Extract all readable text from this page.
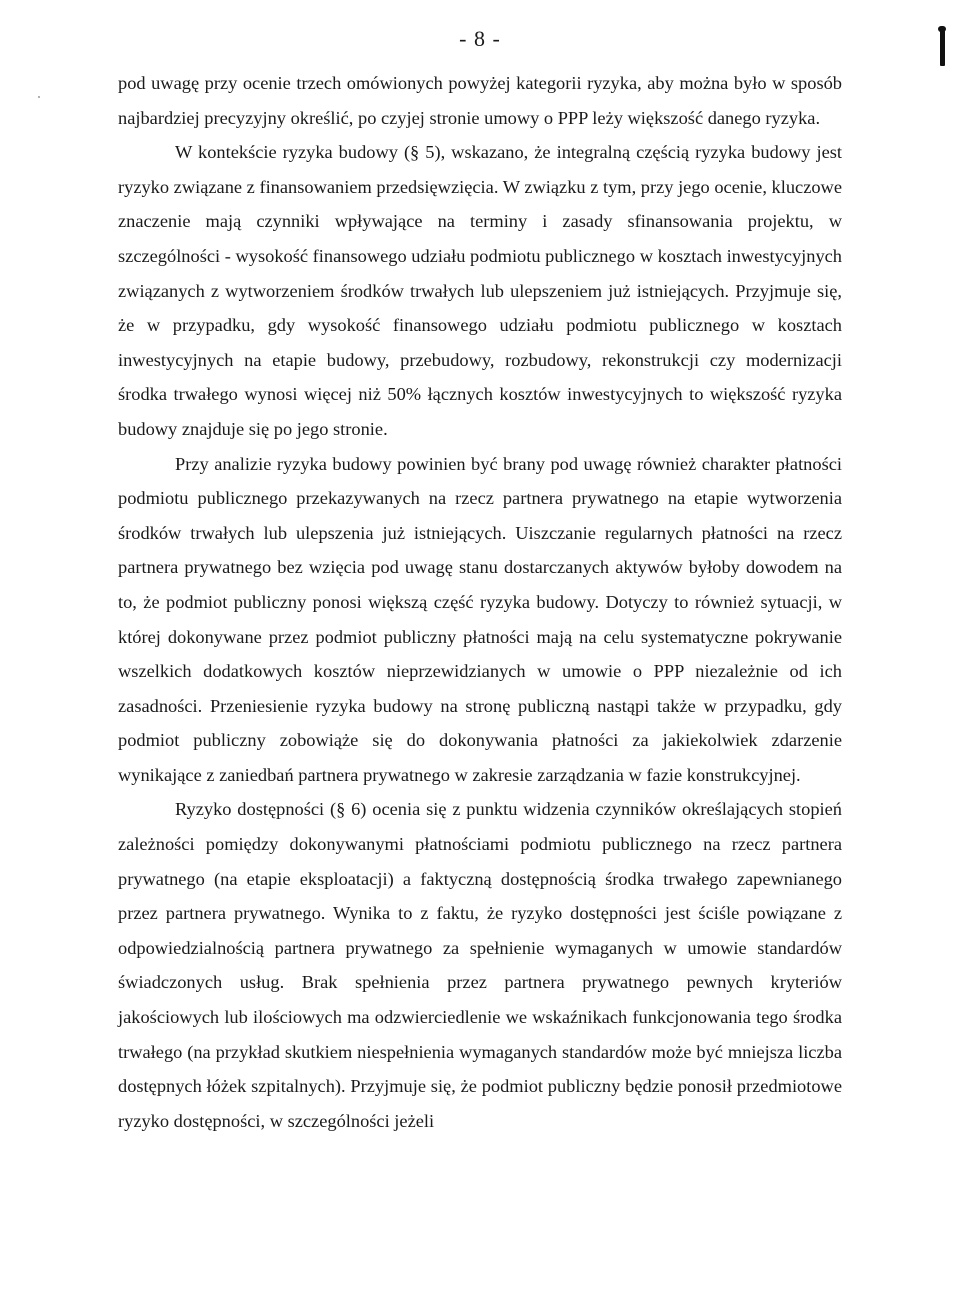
- 8 -

pod uwagę przy ocenie trzech omówionych powyżej kategorii ryzyka, aby można było w sposób najbardziej precyzyjny określić, po czyjej stronie umowy o PPP leży większość danego ryzyka.

W kontekście ryzyka budowy (§ 5), wskazano, że integralną częścią ryzyka budowy jest ryzyko związane z finansowaniem przedsięwzięcia. W związku z tym, przy jego ocenie, kluczowe znaczenie mają czynniki wpływające na terminy i zasady sfinansowania projektu, w szczególności - wysokość finansowego udziału podmiotu publicznego w kosztach inwestycyjnych związanych z wytworzeniem środków trwałych lub ulepszeniem już istniejących. Przyjmuje się, że w przypadku, gdy wysokość finansowego udziału podmiotu publicznego w kosztach inwestycyjnych na etapie budowy, przebudowy, rozbudowy, rekonstrukcji czy modernizacji środka trwałego wynosi więcej niż 50% łącznych kosztów inwestycyjnych to większość ryzyka budowy znajduje się po jego stronie.

Przy analizie ryzyka budowy powinien być brany pod uwagę również charakter płatności podmiotu publicznego przekazywanych na rzecz partnera prywatnego na etapie wytworzenia środków trwałych lub ulepszenia już istniejących. Uiszczanie regularnych płatności na rzecz partnera prywatnego bez wzięcia pod uwagę stanu dostarczanych aktywów byłoby dowodem na to, że podmiot publiczny ponosi większą część ryzyka budowy. Dotyczy to również sytuacji, w której dokonywane przez podmiot publiczny płatności mają na celu systematyczne pokrywanie wszelkich dodatkowych kosztów nieprzewidzianych w umowie o PPP niezależnie od ich zasadności. Przeniesienie ryzyka budowy na stronę publiczną nastąpi także w przypadku, gdy podmiot publiczny zobowiąże się do dokonywania płatności za jakiekolwiek zdarzenie wynikające z zaniedbań partnera prywatnego w zakresie zarządzania w fazie konstrukcyjnej.

Ryzyko dostępności (§ 6) ocenia się z punktu widzenia czynników określających stopień zależności pomiędzy dokonywanymi płatnościami podmiotu publicznego na rzecz partnera prywatnego (na etapie eksploatacji) a faktyczną dostępnością środka trwałego zapewnianego przez partnera prywatnego. Wynika to z faktu, że ryzyko dostępności jest ściśle powiązane z odpowiedzialnością partnera prywatnego za spełnienie wymaganych w umowie standardów świadczonych usług. Brak spełnienia przez partnera prywatnego pewnych kryteriów jakościowych lub ilościowych ma odzwierciedlenie we wskaźnikach funkcjonowania tego środka trwałego (na przykład skutkiem niespełnienia wymaganych standardów może być mniejsza liczba dostępnych łóżek szpitalnych). Przyjmuje się, że podmiot publiczny będzie ponosił przedmiotowe ryzyko dostępności, w szczególności jeżeli
